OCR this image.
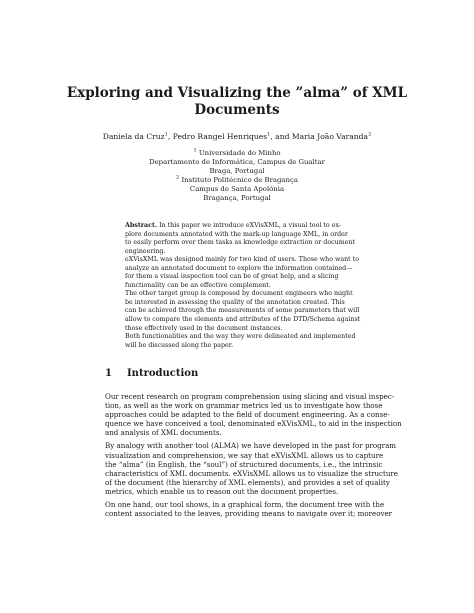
Exploring and Visualizing the ”alma” of XML
Documents
Daniela da Cruz$^1$, Pedro Rangel Henriques$^1$, and Maria João Varanda$^2$
$^1$ Universidade do Minho
Departamento de Informática, Campus de Gualtar
Braga, Portugal
$^2$ Instituto Politécnico de Bragança
Campus de Santa Apolónia
Bragança, Portugal
Abstract. In this paper we introduce eXVisXML, a visual tool to ex-
plore documents annotated with the mark-up language XML, in order
to easily perform over them tasks as knowledge extraction or document
engineering.
eXVisXML was designed mainly for two kind of users. Those who want to
analyze an annotated document to explore the information contained—
for them a visual inspection tool can be of great help, and a slicing
functionality can be an effective complement.
The other target group is composed by document engineers who might
be interested in assessing the quality of the annotation created. This
can be achieved through the measurements of some parameters that will
allow to compare the elements and attributes of the DTD/Schema against
those effectively used in the document instances.
Both functionalities and the way they were delineated and implemented
will be discussed along the paper.
1 Introduction
Our recent research on program comprehension using slicing and visual inspec-
tion, as well as the work on grammar metrics led us to investigate how those
approaches could be adapted to the field of document engineering. As a conse-
quence we have conceived a tool, denominated eXVisXML, to aid in the inspection
and analysis of XML documents.
By analogy with another tool (ALMA) we have developed in the past for program
visualization and comprehension, we say that eXVisXML allows us to capture
the “alma” (in English, the “soul”) of structured documents, i.e., the intrinsic
characteristics of XML documents. eXVisXML allows us to visualize the structure
of the document (the hierarchy of XML elements), and provides a set of quality
metrics, which enable us to reason out the document properties.
On one hand, our tool shows, in a graphical form, the document tree with the
content associated to the leaves, providing means to navigate over it; moreover
